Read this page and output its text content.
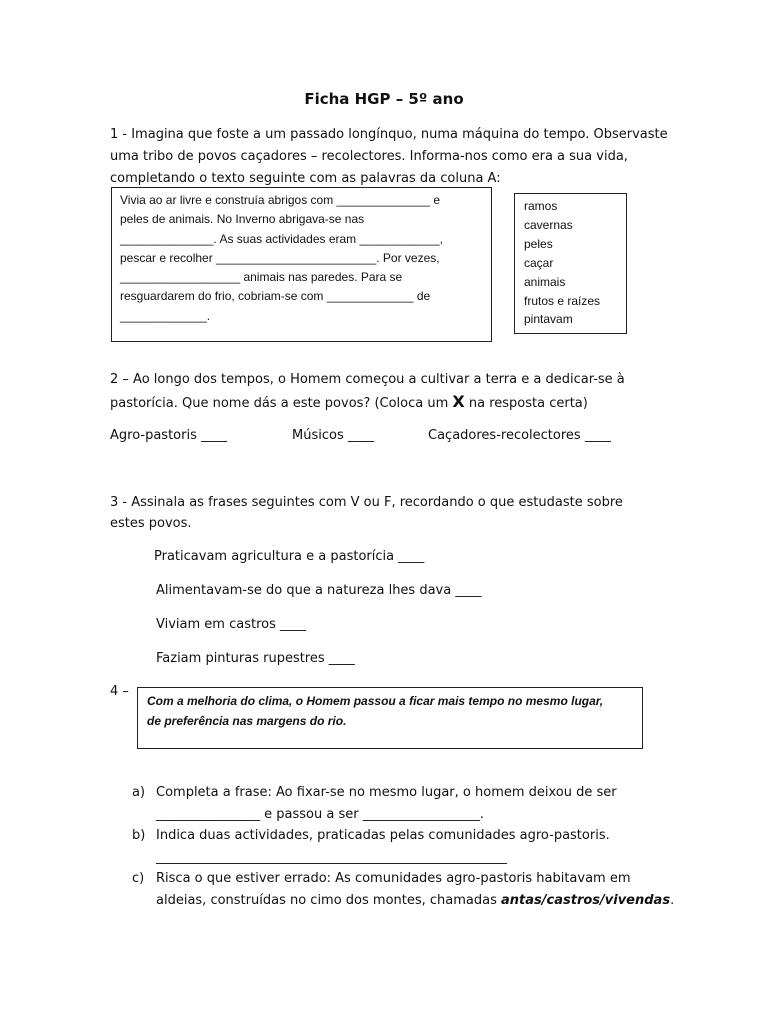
Ficha HGP – 5º ano
1 - Imagina que foste a um passado longínquo, numa máquina do tempo. Observaste
uma tribo de povos caçadores – recolectores. Informa-nos como era a sua vida,
completando o texto seguinte com as palavras da coluna A:
Vivia ao ar livre e construía abrigos com ______________ e
peles de animais. No Inverno abrigava-se nas
______________. As suas actividades eram ____________,
pescar e recolher ________________________. Por vezes,
__________________ animais nas paredes. Para se
resguardarem do frio, cobriam-se com _____________ de
_____________.
ramos
cavernas
peles
caçar
animais
frutos e raízes
pintavam
2 – Ao longo dos tempos, o Homem começou a cultivar a terra e a dedicar-se à
pastorícia. Que nome dás a este povos? (Coloca um X na resposta certa)
Agro-pastoris ____	Músicos ____	Caçadores-recolectores ____
3 - Assinala as frases seguintes com V ou F, recordando o que estudaste sobre
estes povos.
Praticavam agricultura e a pastorícia ____
Alimentavam-se do que a natureza lhes dava ____
Viviam em castros ____
Faziam pinturas rupestres ____
4 –
Com a melhoria do clima, o Homem passou a ficar mais tempo no mesmo lugar,
de preferência nas margens do rio.
a) Completa a frase: Ao fixar-se no mesmo lugar, o homem deixou de ser
________________ e passou a ser __________________.
b) Indica duas actividades, praticadas pelas comunidades agro-pastoris.
______________________________________________________
c) Risca o que estiver errado: As comunidades agro-pastoris habitavam em
aldeias, construídas no cimo dos montes, chamadas antas/castros/vivendas.
